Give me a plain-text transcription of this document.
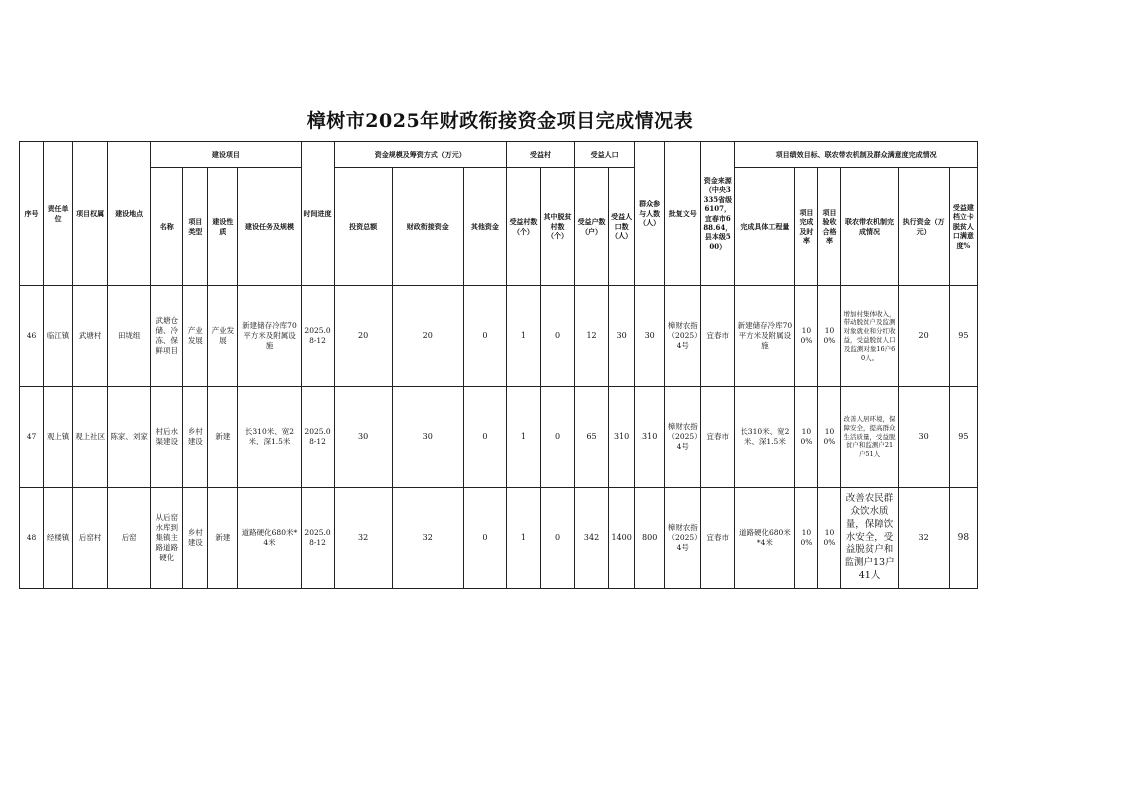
樟树市2025年财政衔接资金项目完成情况表
序号	责任单位	项目权属	建设地点	建设项目				时间进度	资金规模及筹资方式（万元）			受益村		受益人口		群众参与人数（人）	批复文号	资金来源（中央3335省级6107，宜春市688.64，县本级500）	项目绩效目标、联农带农机制及群众满意度完成情况					
				名称	项目类型	建设性质	建设任务及规模		投资总额	财政衔接资金	其他资金	受益村数（个）	其中脱贫村数（个）	受益户数（户）	受益人口数（人）				完成具体工程量	项目完成及时率	项目验收合格率	联农带农机制完成情况	执行资金（万元）	受益建档立卡脱贫人口满意度%
46	临江镇	武塘村	田垅组	武塘仓储、冷冻、保鲜项目	产业发展	产业发展	新建储存冷库70平方米及附属设施	2025.08-12	20	20	0	1	0	12	30	30	樟财农指（2025）4号	宜春市	新建储存冷库70平方米及附属设施	100%	100%	增加村集体收入，带动脱贫户及监测对象就业和分红收益，受益脱贫人口及监测对象16户60人。	20	95
47	观上镇	观上社区	陈家、刘家	村后水渠建设	乡村建设	新建	长310米、宽2米、深1.5米	2025.08-12	30	30	0	1	0	65	310	310	樟财农指（2025）4号	宜春市	长310米、宽2米、深1.5米	100%	100%	改善人居环境，保障安全，提高群众生活质量，受益脱贫户和监测户21户51人	30	95
48	经楼镇	后窑村	后窑	从后窑水库到集镇主路道路硬化	乡村建设	新建	道路硬化680米*4米	2025.08-12	32	32	0	1	0	342	1400	800	樟财农指（2025）4号	宜春市	道路硬化680米*4米	100%	100%	改善农民群众饮水质量，保障饮水安全，受益脱贫户和监测户13户41人	32	98
